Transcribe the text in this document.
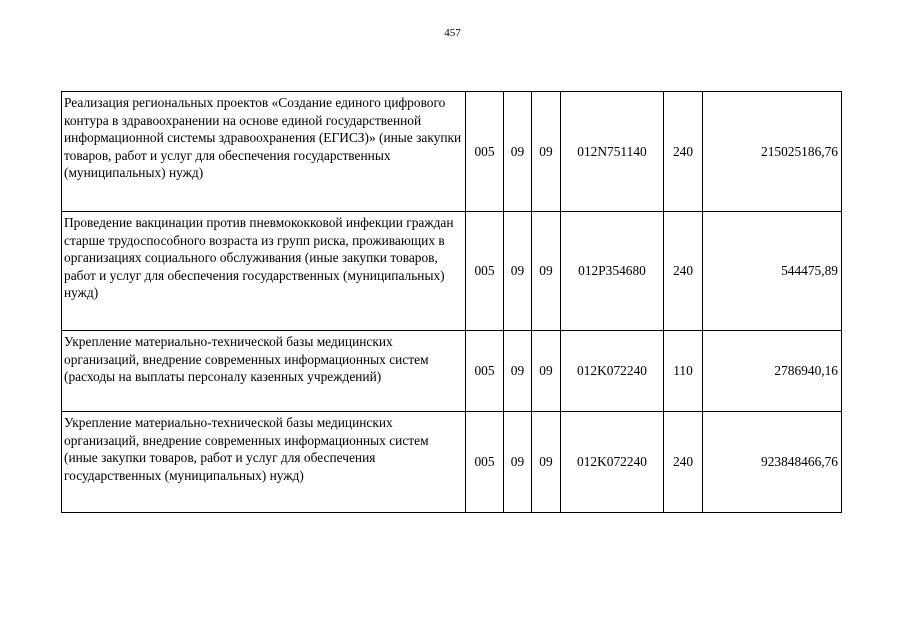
457
Реализация региональных проектов «Создание единого цифрового контура в здравоохранении на основе единой государственной информационной системы здравоохранения (ЕГИСЗ)» (иные закупки товаров, работ и услуг для обеспечения государственных (муниципальных) нужд)	005	09	09	012N751140	240	215025186,76
Проведение вакцинации против пневмококковой инфекции граждан старше трудоспособного возраста из групп риска, проживающих в организациях социального обслуживания (иные закупки товаров, работ и услуг для обеспечения государственных (муниципальных) нужд)	005	09	09	012P354680	240	544475,89
Укрепление материально-технической базы медицинских организаций, внедрение современных информационных систем (расходы на выплаты персоналу казенных учреждений)	005	09	09	012K072240	110	2786940,16
Укрепление материально-технической базы медицинских организаций, внедрение современных информационных систем (иные закупки товаров, работ и услуг для обеспечения государственных (муниципальных) нужд)	005	09	09	012K072240	240	923848466,76
